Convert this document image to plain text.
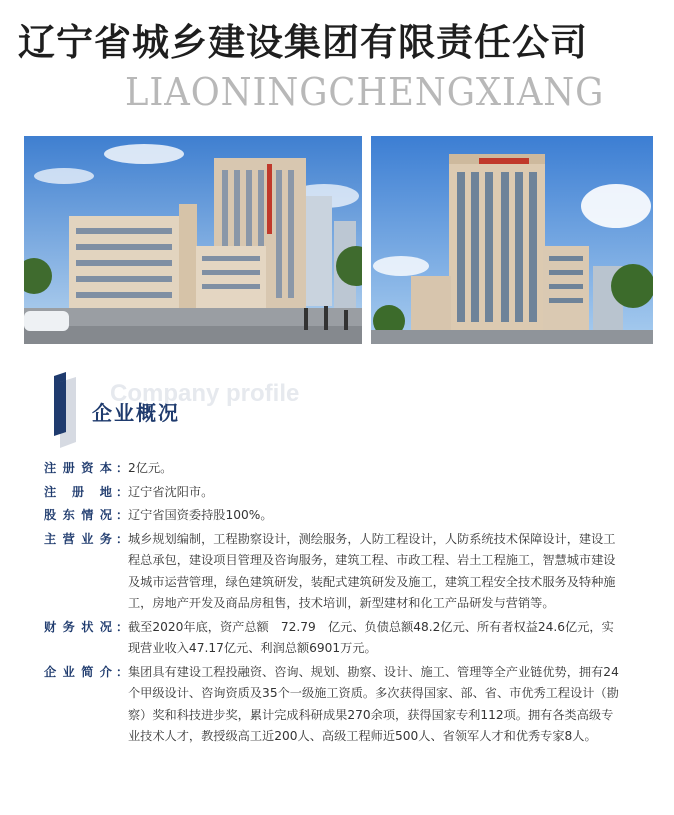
辽宁省城乡建设集团有限责任公司
LIAONINGCHENGXIANG
Company profile
企业概况
注册资本 ： 2亿元。
注 册 地 ： 辽宁省沈阳市。
股东情况 ： 辽宁省国资委持股100%。
主营业务 ： 城乡规划编制，工程勘察设计，测绘服务，人防工程设计，人防系统技术保障设计，建设工程总承包，建设项目管理及咨询服务，建筑工程、市政工程、岩土工程施工，智慧城市建设及城市运营管理，绿色建筑研发，装配式建筑研发及施工，建筑工程安全技术服务及特种施工，房地产开发及商品房租售，技术培训，新型建材和化工产品研发与营销等。
财务状况 ： 截至2020年底，资产总额　72.79　亿元、负债总额48.2亿元、所有者权益24.6亿元，实现营业收入47.17亿元、利润总额6901万元。
企业简介 ： 集团具有建设工程投融资、咨询、规划、勘察、设计、施工、管理等全产业链优势，拥有24个甲级设计、咨询资质及35个一级施工资质。多次获得国家、部、省、市优秀工程设计（勘察）奖和科技进步奖，累计完成科研成果270余项，获得国家专利112项。拥有各类高级专业技术人才，教授级高工近200人、高级工程师近500人、省领军人才和优秀专家8人。
